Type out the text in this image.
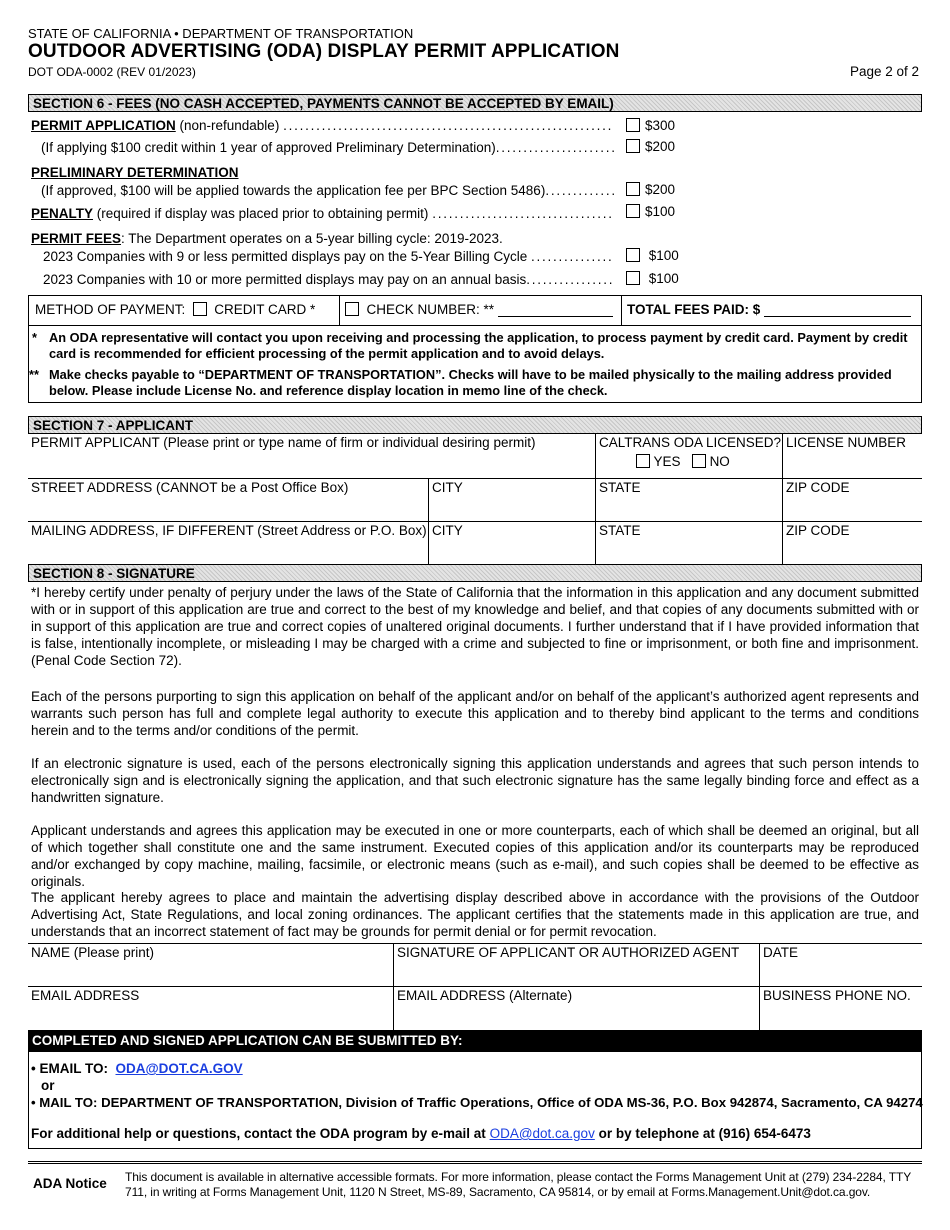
STATE OF CALIFORNIA • DEPARTMENT OF TRANSPORTATION
OUTDOOR ADVERTISING (ODA) DISPLAY PERMIT APPLICATION
DOT ODA-0002 (REV 01/2023)	Page 2 of 2
SECTION 6 - FEES (NO CASH ACCEPTED, PAYMENTS CANNOT BE ACCEPTED BY EMAIL)
PERMIT APPLICATION (non-refundable) . . .	$300
(If applying $100 credit within 1 year of approved Preliminary Determination) . . .	$200
PRELIMINARY DETERMINATION
(If approved, $100 will be applied towards the application fee per BPC Section 5486) . . .	$200
PENALTY (required if display was placed prior to obtaining permit) . . .	$100
PERMIT FEES: The Department operates on a 5-year billing cycle: 2019-2023.
2023 Companies with 9 or less permitted displays pay on the 5-Year Billing Cycle
. . .	$100
2023 Companies with 10 or more permitted displays may pay on an annual basis . . .	$100
METHOD OF PAYMENT: CREDIT CARD *	CHECK NUMBER: **	TOTAL FEES PAID: $
* An ODA representative will contact you upon receiving and processing the application, to process payment by credit card. Payment by credit card is recommended for efficient processing of the permit application and to avoid delays.
** Make checks payable to “DEPARTMENT OF TRANSPORTATION”. Checks will have to be mailed physically to the mailing address provided below. Please include License No. and reference display location in memo line of the check.
SECTION 7 - APPLICANT
PERMIT APPLICANT (Please print or type name of firm or individual desiring permit)	CALTRANS ODA LICENSED?
YES NO
LICENSE NUMBER
STREET ADDRESS (CANNOT be a Post Office Box)	CITY	STATE	ZIP CODE
MAILING ADDRESS, IF DIFFERENT (Street Address or P.O. Box) CITY	STATE	ZIP CODE
SECTION 8 - SIGNATURE
*I hereby certify under penalty of perjury under the laws of the State of California that the information in this application and any document submitted with or in support of this application are true and correct to the best of my knowledge and belief, and that copies of any documents submitted with or in support of this application are true and correct copies of unaltered original documents. I further understand that if I have provided information that is false, intentionally incomplete, or misleading I may be charged with a crime and subjected to fine or imprisonment, or both fine and imprisonment. (Penal Code Section 72).
Each of the persons purporting to sign this application on behalf of the applicant and/or on behalf of the applicant’s authorized agent represents and warrants such person has full and complete legal authority to execute this application and to thereby bind applicant to the terms and conditions herein and to the terms and/or conditions of the permit.
If an electronic signature is used, each of the persons electronically signing this application understands and agrees that such person intends to electronically sign and is electronically signing the application, and that such electronic signature has the same legally binding force and effect as a handwritten signature.
Applicant understands and agrees this application may be executed in one or more counterparts, each of which shall be deemed an original, but all of which together shall constitute one and the same instrument. Executed copies of this application and/or its counterparts may be reproduced and/or exchanged by copy machine, mailing, facsimile, or electronic means (such as e-mail), and such copies shall be deemed to be effective as originals.
The applicant hereby agrees to place and maintain the advertising display described above in accordance with the provisions of the Outdoor Advertising Act, State Regulations, and local zoning ordinances. The applicant certifies that the statements made in this application are true, and understands that an incorrect statement of fact may be grounds for permit denial or for permit revocation.
NAME (Please print)	SIGNATURE OF APPLICANT OR AUTHORIZED AGENT DATE
EMAIL ADDRESS	EMAIL ADDRESS (Alternate)	BUSINESS PHONE NO.
COMPLETED AND SIGNED APPLICATION CAN BE SUBMITTED BY:
• EMAIL TO: ODA@DOT.CA.GOV
or
• MAIL TO: DEPARTMENT OF TRANSPORTATION, Division of Traffic Operations, Office of ODA MS-36, P.O. Box 942874, Sacramento, CA 94274
For additional help or questions, contact the ODA program by e-mail at ODA@dot.ca.gov or by telephone at (916) 654-6473
ADA Notice This document is available in alternative accessible formats. For more information, please contact the Forms Management Unit at (279) 234-2284, TTY 711, in writing at Forms Management Unit, 1120 N Street, MS-89, Sacramento, CA 95814, or by email at Forms.Management.Unit@dot.ca.gov.
